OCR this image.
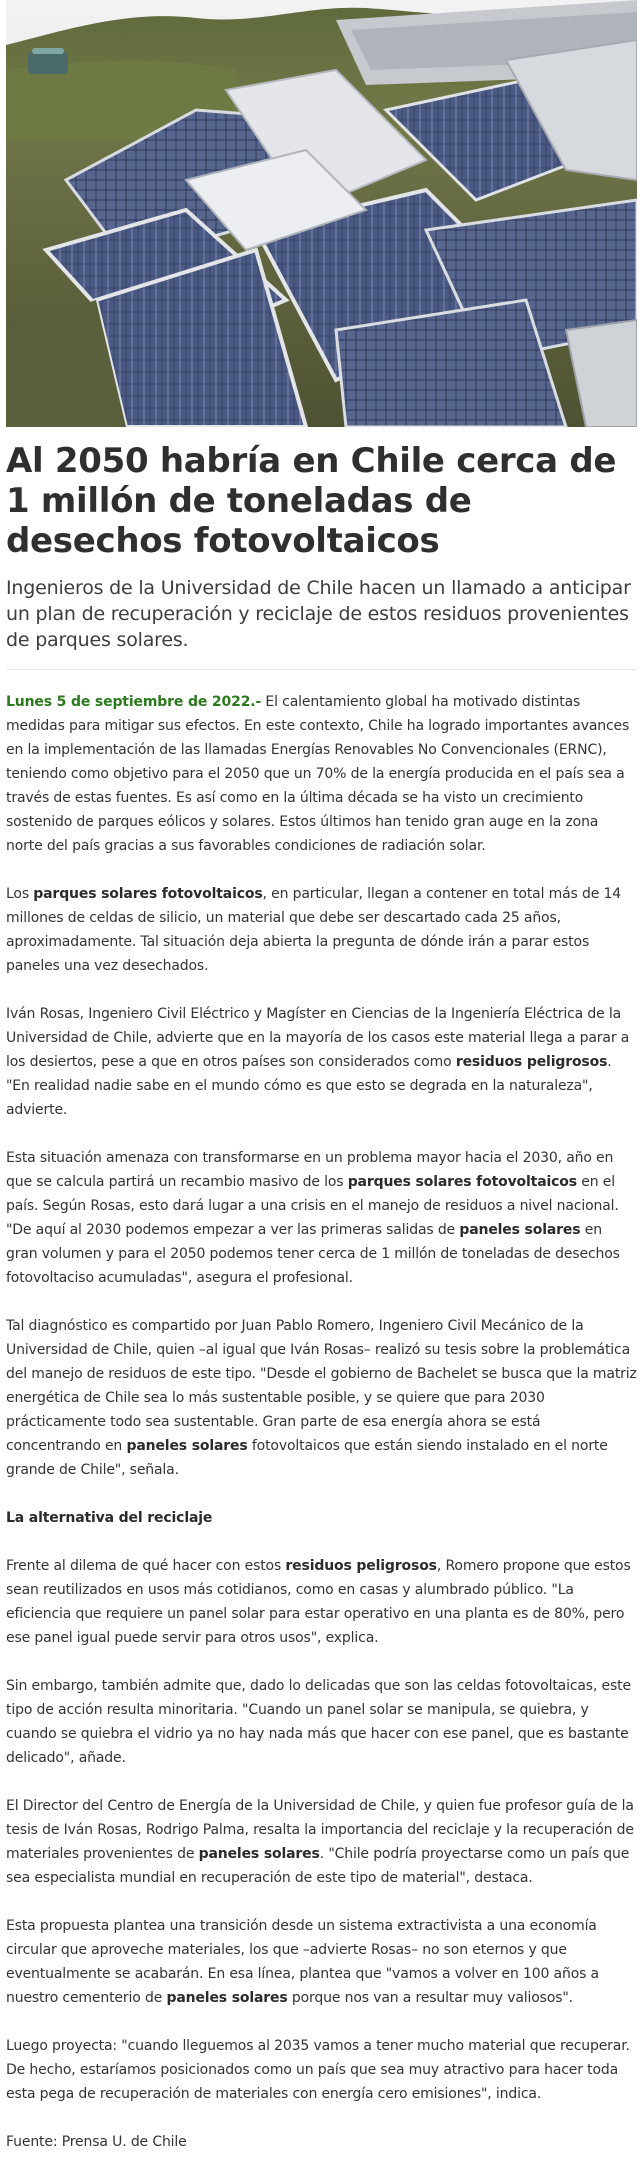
Al 2050 habría en Chile cerca de 1 millón de toneladas de desechos fotovoltaicos

Ingenieros de la Universidad de Chile hacen un llamado a anticipar un plan de recuperación y reciclaje de estos residuos provenientes de parques solares.

Lunes 5 de septiembre de 2022.- El calentamiento global ha motivado distintas medidas para mitigar sus efectos. En este contexto, Chile ha logrado importantes avances en la implementación de las llamadas Energías Renovables No Convencionales (ERNC), teniendo como objetivo para el 2050 que un 70% de la energía producida en el país sea a través de estas fuentes. Es así como en la última década se ha visto un crecimiento sostenido de parques eólicos y solares. Estos últimos han tenido gran auge en la zona norte del país gracias a sus favorables condiciones de radiación solar.

Los parques solares fotovoltaicos, en particular, llegan a contener en total más de 14 millones de celdas de silicio, un material que debe ser descartado cada 25 años, aproximadamente. Tal situación deja abierta la pregunta de dónde irán a parar estos paneles una vez desechados.

Iván Rosas, Ingeniero Civil Eléctrico y Magíster en Ciencias de la Ingeniería Eléctrica de la Universidad de Chile, advierte que en la mayoría de los casos este material llega a parar a los desiertos, pese a que en otros países son considerados como residuos peligrosos. "En realidad nadie sabe en el mundo cómo es que esto se degrada en la naturaleza", advierte.

Esta situación amenaza con transformarse en un problema mayor hacia el 2030, año en que se calcula partirá un recambio masivo de los parques solares fotovoltaicos en el país. Según Rosas, esto dará lugar a una crisis en el manejo de residuos a nivel nacional. "De aquí al 2030 podemos empezar a ver las primeras salidas de paneles solares en gran volumen y para el 2050 podemos tener cerca de 1 millón de toneladas de desechos fotovoltaciso acumuladas", asegura el profesional.

Tal diagnóstico es compartido por Juan Pablo Romero, Ingeniero Civil Mecánico de la Universidad de Chile, quien –al igual que Iván Rosas– realizó su tesis sobre la problemática del manejo de residuos de este tipo. "Desde el gobierno de Bachelet se busca que la matriz energética de Chile sea lo más sustentable posible, y se quiere que para 2030 prácticamente todo sea sustentable. Gran parte de esa energía ahora se está concentrando en paneles solares fotovoltaicos que están siendo instalado en el norte grande de Chile", señala.

La alternativa del reciclaje

Frente al dilema de qué hacer con estos residuos peligrosos, Romero propone que estos sean reutilizados en usos más cotidianos, como en casas y alumbrado público. "La eficiencia que requiere un panel solar para estar operativo en una planta es de 80%, pero ese panel igual puede servir para otros usos", explica.

Sin embargo, también admite que, dado lo delicadas que son las celdas fotovoltaicas, este tipo de acción resulta minoritaria. "Cuando un panel solar se manipula, se quiebra, y cuando se quiebra el vidrio ya no hay nada más que hacer con ese panel, que es bastante delicado", añade.

El Director del Centro de Energía de la Universidad de Chile, y quien fue profesor guía de la tesis de Iván Rosas, Rodrigo Palma, resalta la importancia del reciclaje y la recuperación de materiales provenientes de paneles solares. "Chile podría proyectarse como un país que sea especialista mundial en recuperación de este tipo de material", destaca.

Esta propuesta plantea una transición desde un sistema extractivista a una economía circular que aproveche materiales, los que –advierte Rosas– no son eternos y que eventualmente se acabarán. En esa línea, plantea que "vamos a volver en 100 años a nuestro cementerio de paneles solares porque nos van a resultar muy valiosos".

Luego proyecta: "cuando lleguemos al 2035 vamos a tener mucho material que recuperar. De hecho, estaríamos posicionados como un país que sea muy atractivo para hacer toda esta pega de recuperación de materiales con energía cero emisiones", indica.

Fuente: Prensa U. de Chile
